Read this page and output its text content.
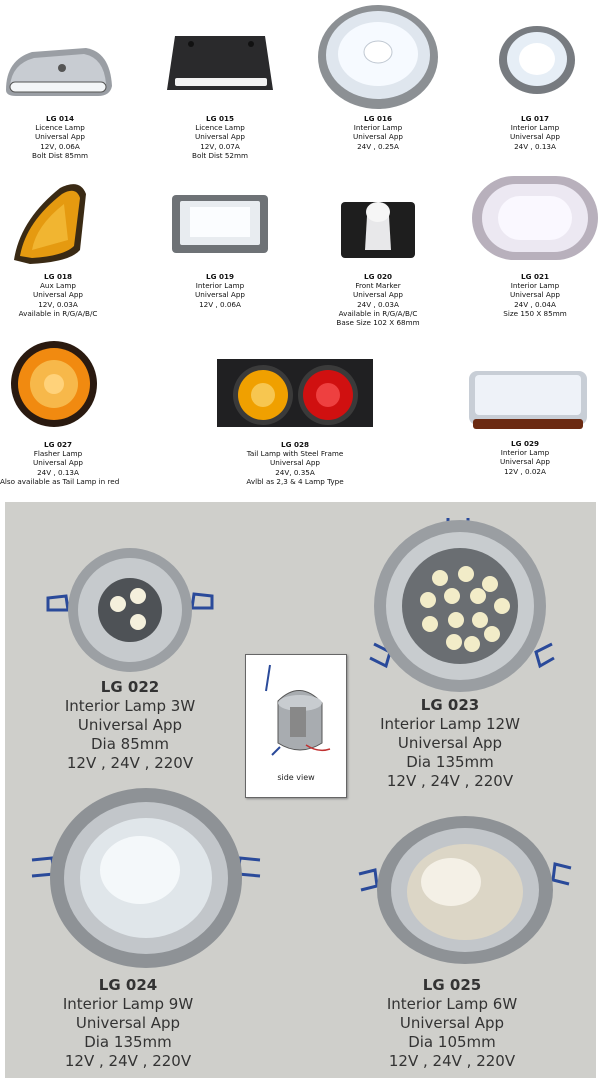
LG 014
Licence Lamp
Universal App
12V, 0.06A
Bolt Dist 85mm
LG 015
Licence Lamp
Universal App
12V, 0.07A
Bolt Dist 52mm
LG 016
Interior Lamp
Universal App
24V , 0.25A
LG 017
Interior Lamp
Universal App
24V , 0.13A
LG 018
Aux Lamp
Universal App
12V, 0.03A
Available in R/G/A/B/C
LG 019
Interior Lamp
Universal App
12V , 0.06A
LG 020
Front Marker
Universal App
24V , 0.03A
Available in R/G/A/B/C
Base Size 102 X 68mm
LG 021
Interior Lamp
Universal App
24V , 0.04A
Size 150 X 85mm
LG 027
Flasher Lamp
Universal App
24V , 0.13A
Also available as Tail Lamp in red
LG 028
Tail Lamp with Steel Frame
Universal App
24V, 0.35A
Avlbl as 2,3 & 4 Lamp Type
LG 029
Interior Lamp
Universal App
12V , 0.02A
side view
LG 022
Interior Lamp 3W
Universal App
Dia 85mm
12V , 24V , 220V
LG 023
Interior Lamp 12W
Universal App
Dia 135mm
12V , 24V , 220V
LG 024
Interior Lamp 9W
Universal App
Dia 135mm
12V , 24V , 220V
LG 025
Interior Lamp 6W
Universal App
Dia 105mm
12V , 24V , 220V
